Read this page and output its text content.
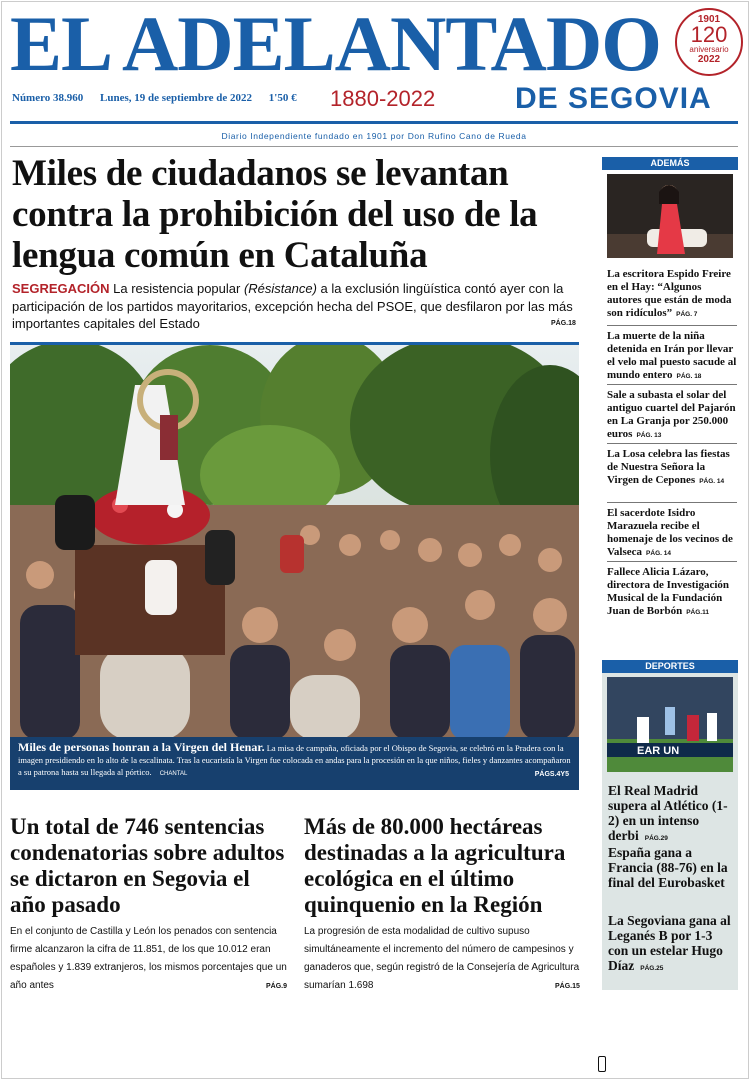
EL ADELANTADO	1901
120
aniversario
2022
Número 38.960 Lunes, 19 de septiembre de 2022 1'50 €	1880-2022	DE SEGOVIA
Diario Independiente fundado en 1901 por Don Rufino Cano de Rueda
Miles de ciudadanos se levantan contra la prohibición del uso de la lengua común en Cataluña
SEGREGACIÓN La resistencia popular (Résistance) a la exclusión lingüística contó ayer con la participación de los partidos mayoritarios, excepción hecha del PSOE, que desfilaron por las más importantes capitales del Estado	PÁG.18
Miles de personas honran a la Virgen del Henar. La misa de campaña, oficiada por el Obispo de Segovia, se celebró en la Pradera con la imagen presidiendo en lo alto de la escalinata. Tras la eucaristía la Virgen fue colocada en andas para la procesión en la que niños, fieles y danzantes acompañaron a su patrona hasta su llegada al pórtico. CHANTAL	PÁGS.4Y5
Un total de 746 sentencias condenatorias sobre adultos se dictaron en Segovia el año pasado

En el conjunto de Castilla y León los penados con sentencia firme alcanzaron la cifra de 11.851, de los que 10.012 eran españoles y 1.839 extranjeros, los mismos porcentajes que un año antes	PÁG.9
Más de 80.000 hectáreas destinadas a la agricultura ecológica en el último quinquenio en la Región

La progresión de esta modalidad de cultivo supuso simultáneamente el incremento del número de campesinos y ganaderos que, según registró de la Consejería de Agricultura sumarían 1.698	PÁG.15
ADEMÁS
La escritora Espido Freire en el Hay: “Algunos autores que están de moda son ridículos” PÁG. 7
La muerte de la niña detenida en Irán por llevar el velo mal puesto sacude al mundo entero PÁG. 18
Sale a subasta el solar del antiguo cuartel del Pajarón en La Granja por 250.000 euros PÁG. 13
La Losa celebra las fiestas de Nuestra Señora la Virgen de Cepones PÁG. 14
El sacerdote Isidro Marazuela recibe el homenaje de los vecinos de Valseca PÁG. 14
Fallece Alicia Lázaro, directora de Investigación Musical de la Fundación Juan de Borbón PÁG.11
DEPORTES
EAR UN
El Real Madrid supera al Atlético (1-2) en un intenso derbi PÁG.29
España gana a Francia (88-76) en la final del Eurobasket
La Segoviana gana al Leganés B por 1-3 con un estelar Hugo Díaz PÁG.25
